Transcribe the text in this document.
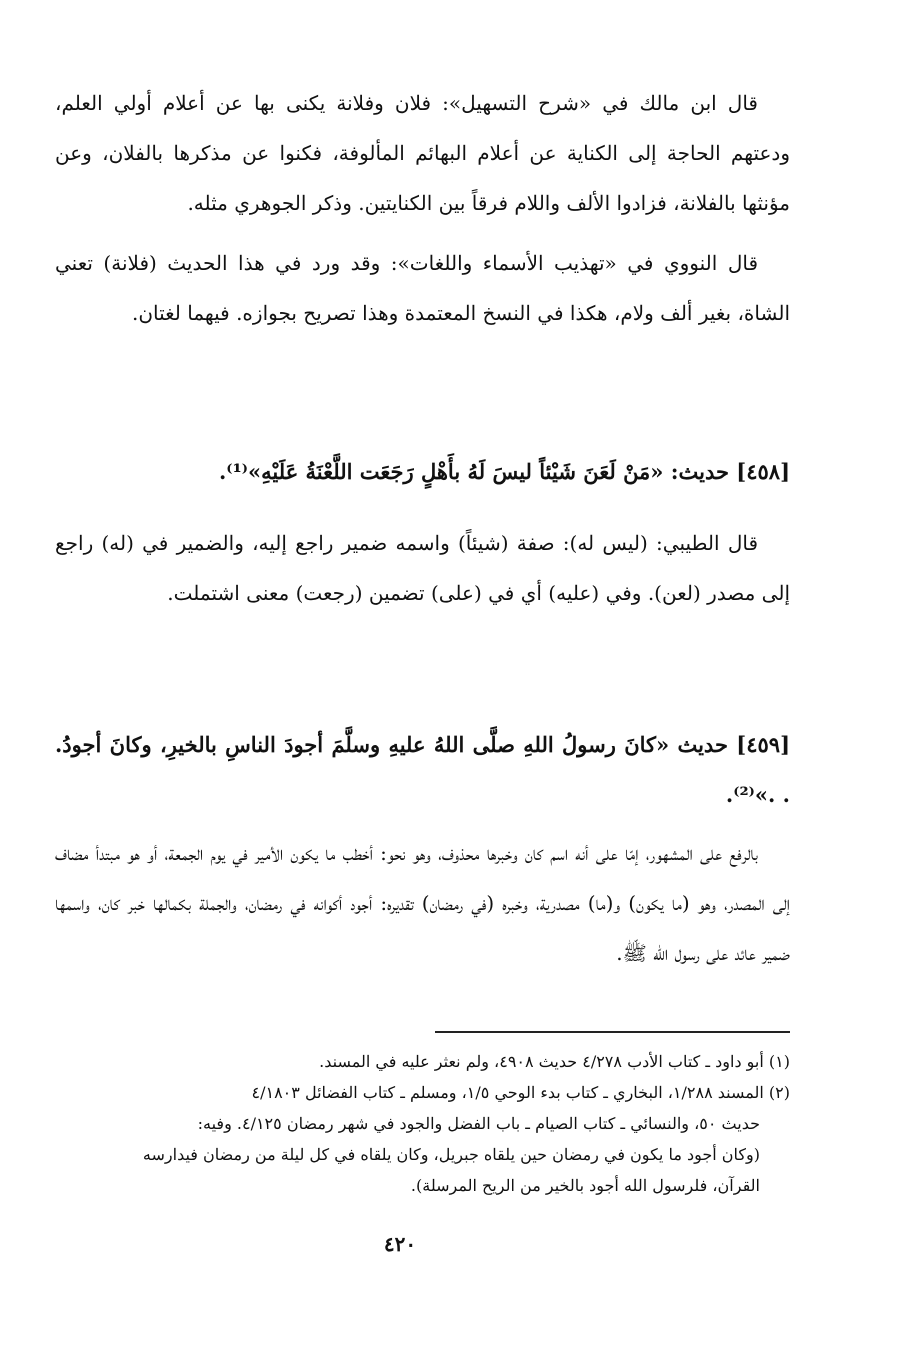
قال ابن مالك في «شرح التسهيل»: فلان وفلانة يكنى بها عن أعلام أولي العلم، ودعتهم الحاجة إلى الكناية عن أعلام البهائم المألوفة، فكنوا عن مذكرها بالفلان، وعن مؤنثها بالفلانة، فزادوا الألف واللام فرقاً بين الكنايتين. وذكر الجوهري مثله.

قال النووي في «تهذيب الأسماء واللغات»: وقد ورد في هذا الحديث (فلانة) تعني الشاة، بغير ألف ولام، هكذا في النسخ المعتمدة وهذا تصريح بجوازه. فيهما لغتان.

[٤٥٨] حديث: «مَنْ لَعَنَ شَيْئاً ليسَ لَهُ بأَهْلٍ رَجَعَت اللَّعْنَةُ عَلَيْهِ»⁽¹⁾.

قال الطيبي: (ليس له): صفة (شيئاً) واسمه ضمير راجع إليه، والضمير في (له) راجع إلى مصدر (لعن). وفي (عليه) أي في (على) تضمين (رجعت) معنى اشتملت.

[٤٥٩] حديث «كانَ رسولُ اللهِ صلَّى اللهُ عليهِ وسلَّمَ أجودَ الناسِ بالخيرِ، وكانَ أجودُ. . .»⁽²⁾.

بالرفع على المشهور، إمّا على أنه اسم كان وخبرها محذوف، وهو نحو: أخطب ما يكون الأمير في يوم الجمعة، أو هو مبتدأ مضاف إلى المصدر، وهو (ما يكون) و(ما) مصدرية، وخبره (في رمضان) تقديره: أجود أكوانه في رمضان، والجملة بكمالها خبر كان، واسمها ضمير عائد على رسول الله ﷺ.

(١) أبو داود ـ كتاب الأدب ٤/٢٧٨ حديث ٤٩٠٨، ولم نعثر عليه في المسند.

(٢) المسند ١/٢٨٨، البخاري ـ كتاب بدء الوحي ١/٥، ومسلم ـ كتاب الفضائل ٤/١٨٠٣

حديث ٥٠، والنسائي ـ كتاب الصيام ـ باب الفضل والجود في شهر رمضان ٤/١٢٥. وفيه:

(وكان أجود ما يكون في رمضان حين يلقاه جبريل، وكان يلقاه في كل ليلة من رمضان فيدارسه

القرآن، فلرسول الله أجود بالخير من الريح المرسلة).

٤٢٠
